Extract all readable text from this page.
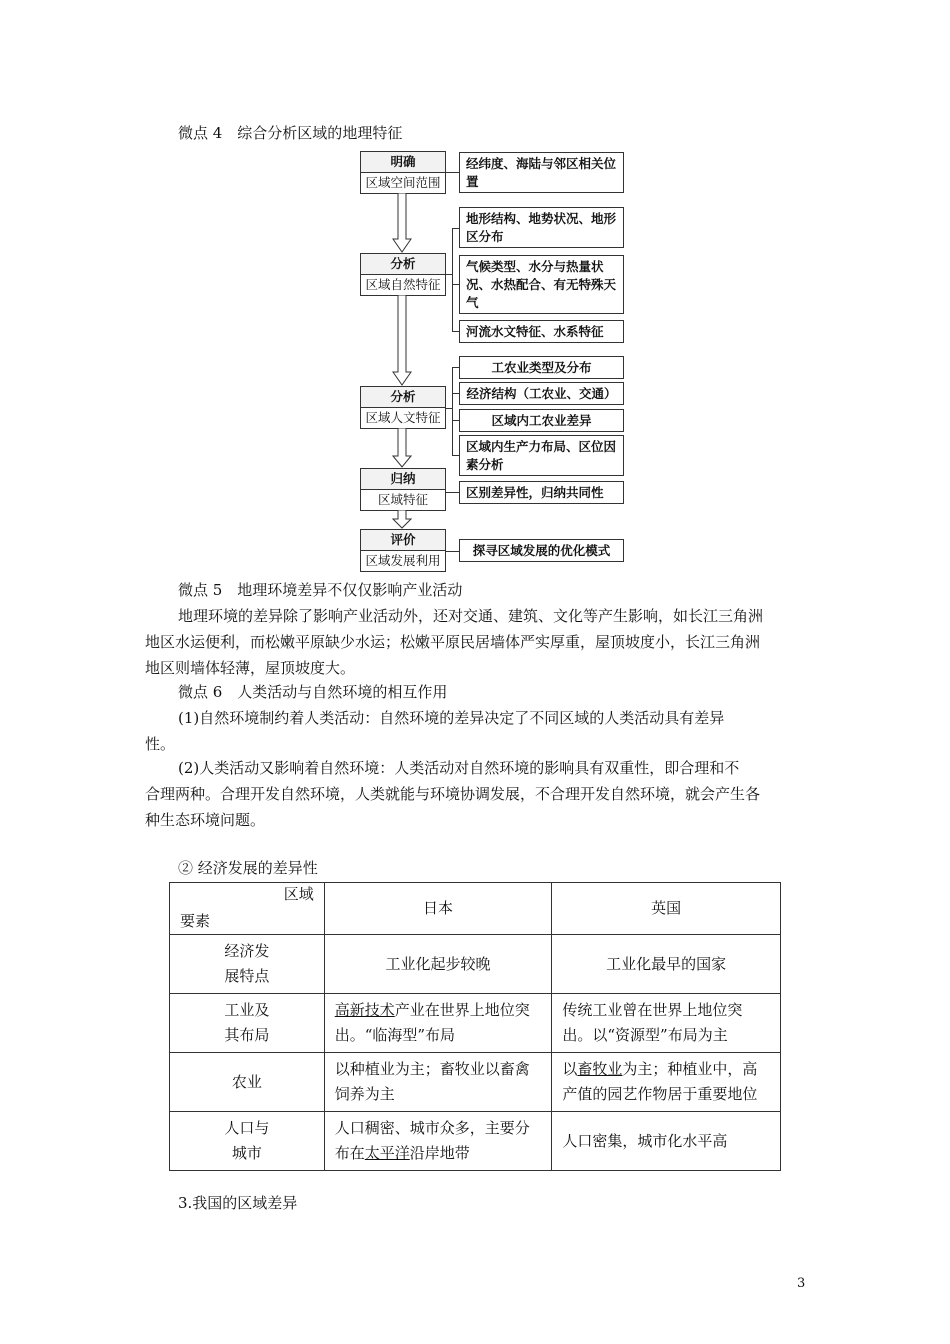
微点 4　综合分析区域的地理特征
明确
区域空间范围
分析
区域自然特征
分析
区域人文特征
归纳
区域特征
评价
区域发展利用
经纬度、海陆与邻区相关位置
地形结构、地势状况、地形区分布
气候类型、水分与热量状况、水热配合、有无特殊天气
河流水文特征、水系特征
工农业类型及分布
经济结构（工农业、交通）
区域内工农业差异
区域内生产力布局、区位因素分析
区别差异性，归纳共同性
探寻区域发展的优化模式
微点 5　地理环境差异不仅仅影响产业活动
地理环境的差异除了影响产业活动外，还对交通、建筑、文化等产生影响，如长江三角洲
地区水运便利，而松嫩平原缺少水运；松嫩平原民居墙体严实厚重，屋顶坡度小，长江三角洲
地区则墙体轻薄，屋顶坡度大。
微点 6　人类活动与自然环境的相互作用
(1)自然环境制约着人类活动：自然环境的差异决定了不同区域的人类活动具有差异
性。
(2)人类活动又影响着自然环境：人类活动对自然环境的影响具有双重性，即合理和不
合理两种。合理开发自然环境，人类就能与环境协调发展，不合理开发自然环境，就会产生各
种生态环境问题。
② 经济发展的差异性
区域
要素	日本	英国

经济发
展特点	工业化起步较晚	工业化最早的国家

工业及
其布局	高新技术产业在世界上地位突出。“临海型”布局	传统工业曾在世界上地位突出。以“资源型”布局为主
农业	以种植业为主；畜牧业以畜禽饲养为主	以畜牧业为主；种植业中，高产值的园艺作物居于重要地位

人口与
城市	人口稠密、城市众多，主要分布在太平洋沿岸地带	人口密集，城市化水平高
3.我国的区域差异
3
